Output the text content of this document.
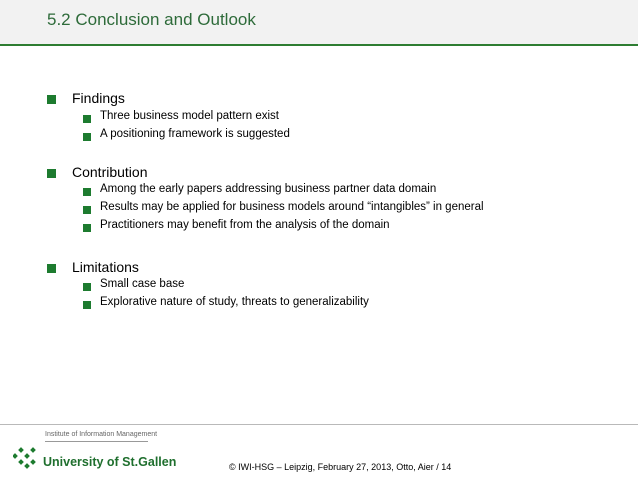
5.2 Conclusion and Outlook
Findings
Three business model pattern exist
A positioning framework is suggested
Contribution
Among the early papers addressing business partner data domain
Results may be applied for business models around “intangibles” in general
Practitioners may benefit from the analysis of the domain
Limitations
Small case base
Explorative nature of study, threats to generalizability
Institute of Information Management
University of St.Gallen	© IWI-HSG – Leipzig, February 27, 2013, Otto, Aier / 14
